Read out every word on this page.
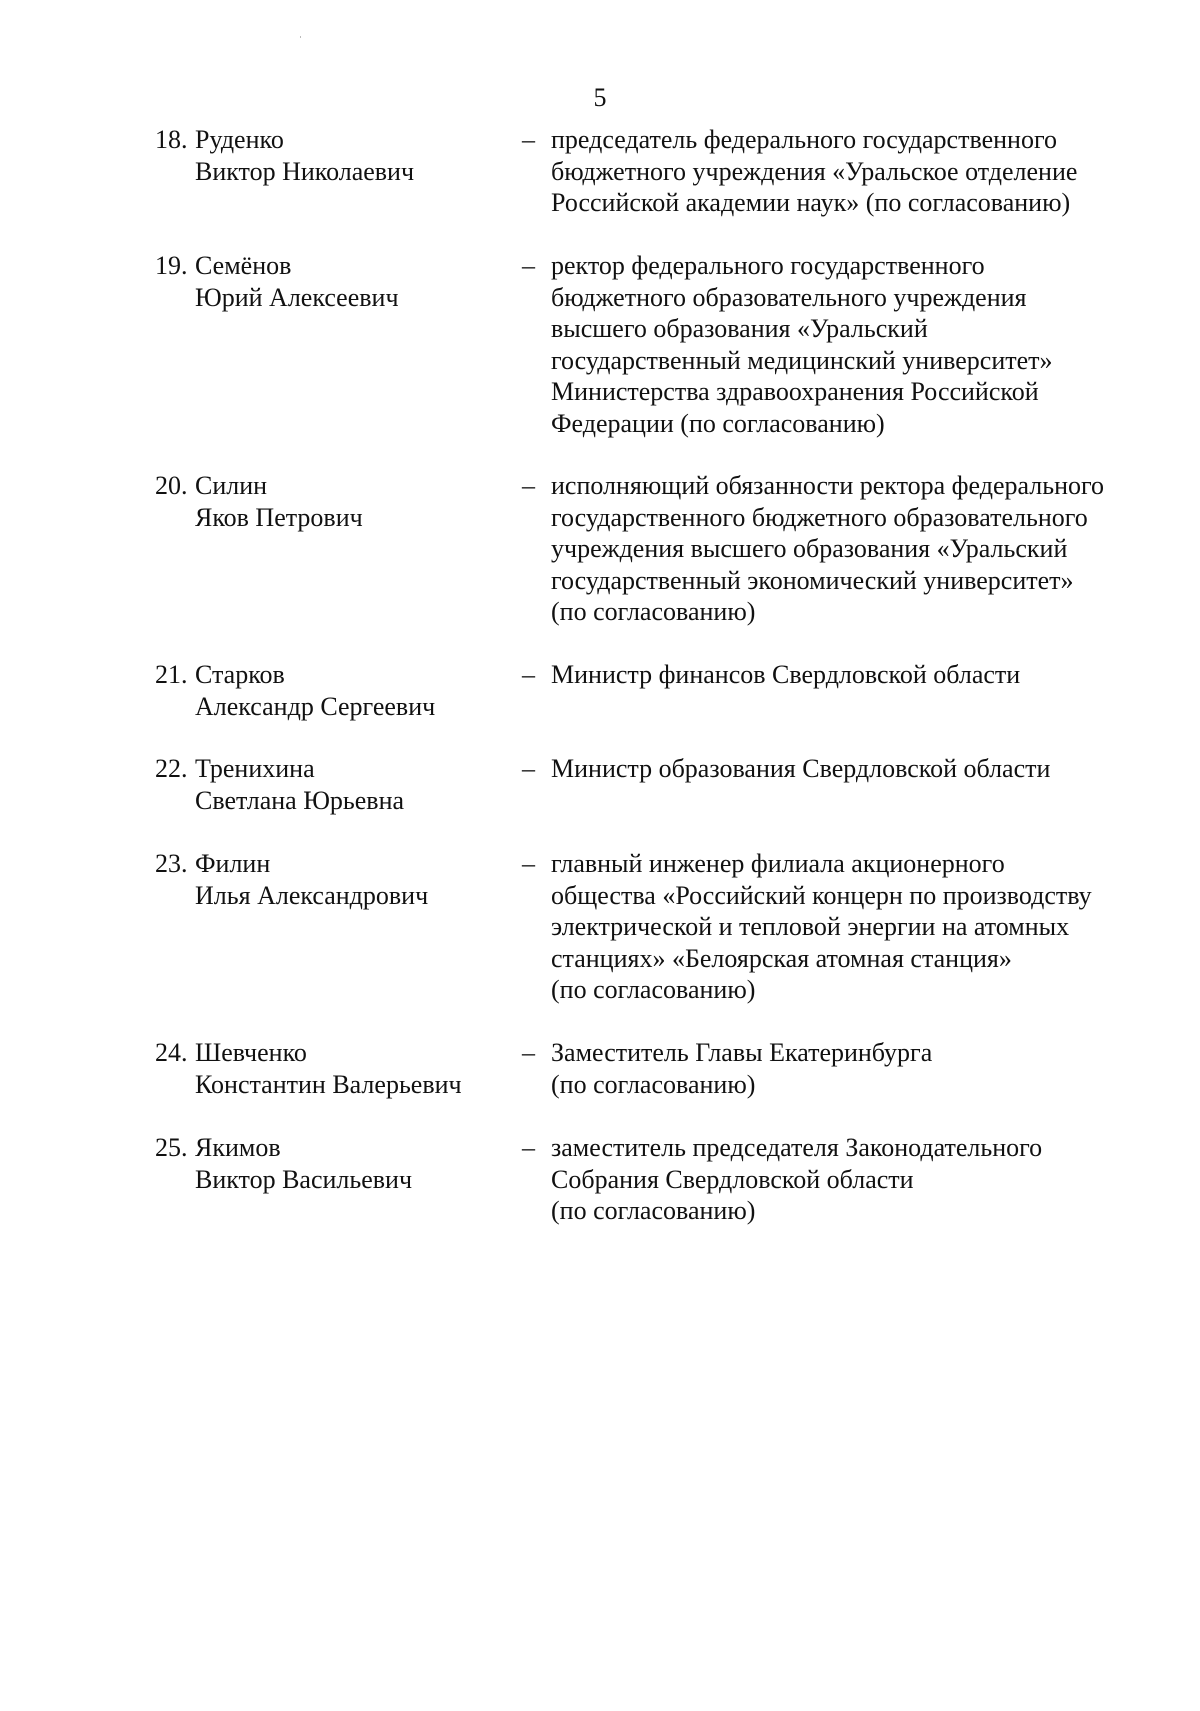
5
18. Руденко
Виктор Николаевич
– председатель федерального государственного
бюджетного учреждения «Уральское отделение
Российской академии наук» (по согласованию)
19. Семёнов
Юрий Алексеевич
– ректор федерального государственного
бюджетного образовательного учреждения
высшего образования «Уральский
государственный медицинский университет»
Министерства здравоохранения Российской
Федерации (по согласованию)
20. Силин
Яков Петрович
– исполняющий обязанности ректора федерального
государственного бюджетного образовательного
учреждения высшего образования «Уральский
государственный экономический университет»
(по согласованию)
21. Старков
Александр Сергеевич
– Министр финансов Свердловской области
22. Тренихина
Светлана Юрьевна
– Министр образования Свердловской области
23. Филин
Илья Александрович
– главный инженер филиала акционерного
общества «Российский концерн по производству
электрической и тепловой энергии на атомных
станциях» «Белоярская атомная станция»
(по согласованию)
24. Шевченко
Константин Валерьевич
– Заместитель Главы Екатеринбурга
(по согласованию)
25. Якимов
Виктор Васильевич
– заместитель председателя Законодательного
Собрания Свердловской области
(по согласованию)
